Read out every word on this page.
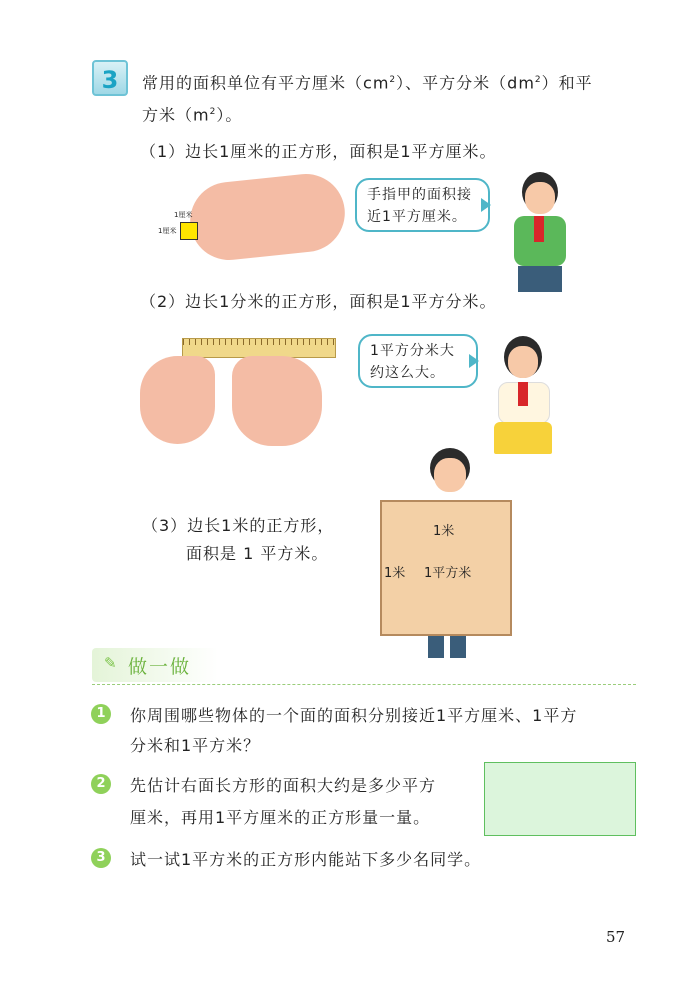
3	常用的面积单位有平方厘米$(cm^2)$、平方分米$(dm^2)$和平
方米$(m^2)$。
（1）边长1厘米的正方形，面积是1平方厘米。
1厘米
1厘米
手指甲的面积接近1平方厘米。
（2）边长1分米的正方形，面积是1平方分米。
1平方分米大约这么大。
（3）边长1米的正方形，
面积是 1 平方米。
1米
1米 1平方米
✎ 做一做
1	你周围哪些物体的一个面的面积分别接近1平方厘米、1平方
分米和1平方米？
2	先估计右面长方形的面积大约是多少平方
厘米，再用1平方厘米的正方形量一量。
3	试一试1平方米的正方形内能站下多少名同学。
57
